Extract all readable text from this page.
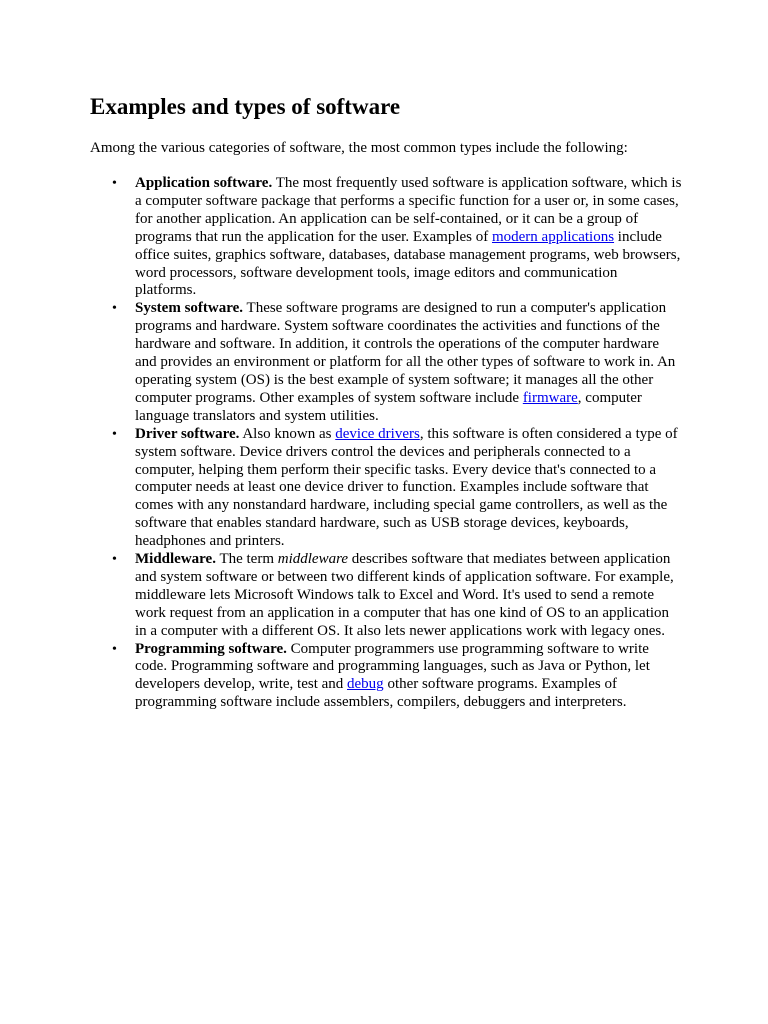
Examples and types of software

Among the various categories of software, the most common types include the following:

• Application software. The most frequently used software is application software, which is a computer software package that performs a specific function for a user or, in some cases, for another application. An application can be self-contained, or it can be a group of programs that run the application for the user. Examples of modern applications include office suites, graphics software, databases, database management programs, web browsers, word processors, software development tools, image editors and communication platforms.
• System software. These software programs are designed to run a computer's application programs and hardware. System software coordinates the activities and functions of the hardware and software. In addition, it controls the operations of the computer hardware and provides an environment or platform for all the other types of software to work in. An operating system (OS) is the best example of system software; it manages all the other computer programs. Other examples of system software include firmware, computer language translators and system utilities.
• Driver software. Also known as device drivers, this software is often considered a type of system software. Device drivers control the devices and peripherals connected to a computer, helping them perform their specific tasks. Every device that's connected to a computer needs at least one device driver to function. Examples include software that comes with any nonstandard hardware, including special game controllers, as well as the software that enables standard hardware, such as USB storage devices, keyboards, headphones and printers.
• Middleware. The term middleware describes software that mediates between application and system software or between two different kinds of application software. For example, middleware lets Microsoft Windows talk to Excel and Word. It's used to send a remote work request from an application in a computer that has one kind of OS to an application in a computer with a different OS. It also lets newer applications work with legacy ones.
• Programming software. Computer programmers use programming software to write code. Programming software and programming languages, such as Java or Python, let developers develop, write, test and debug other software programs. Examples of programming software include assemblers, compilers, debuggers and interpreters.
